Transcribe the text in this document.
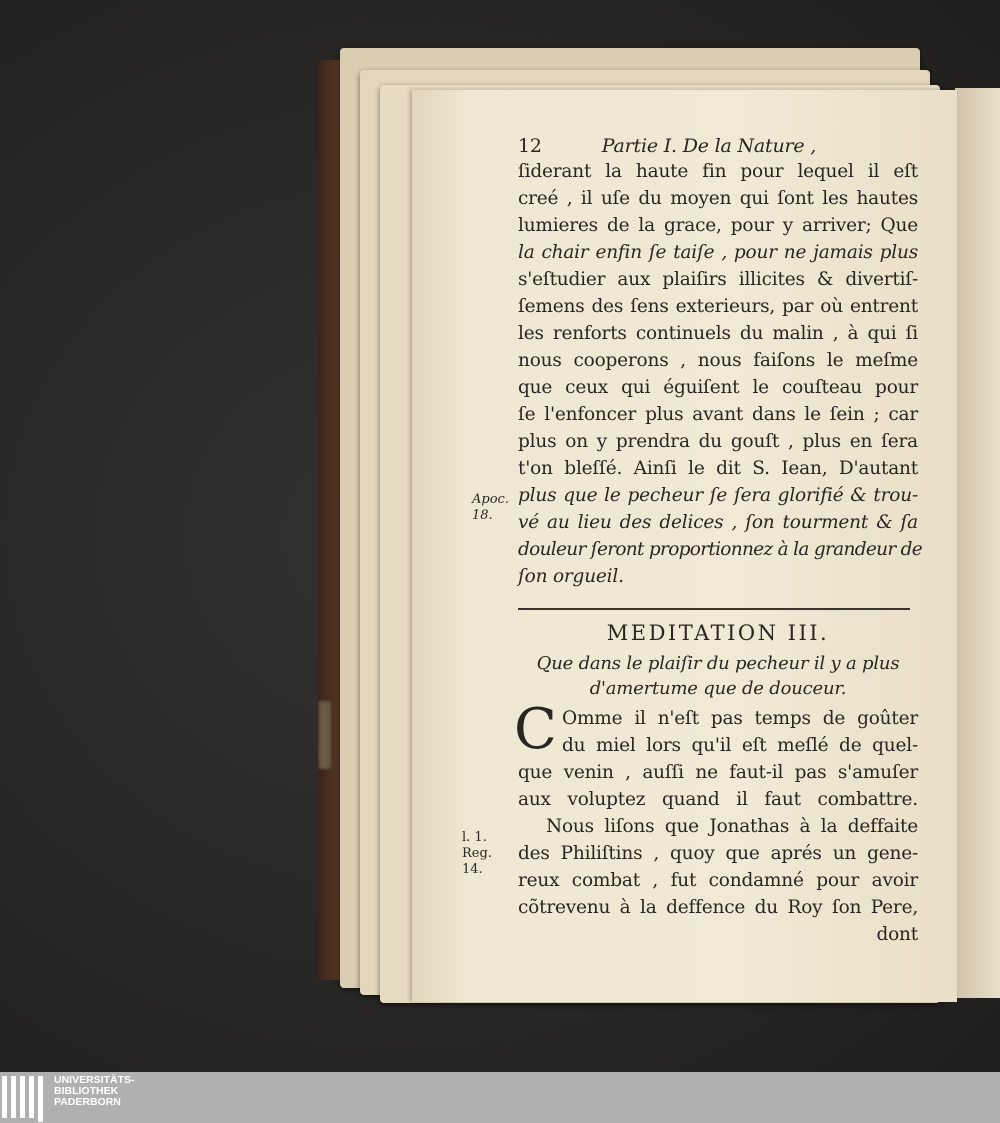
Apoc. 18.
l. 1. Reg. 14.
12	Partie I. De la Nature ,
ſiderant la haute fin pour lequel il eſt
creé , il uſe du moyen qui ſont les hautes
lumieres de la grace, pour y arriver; Que
la chair enfin ſe taiſe , pour ne jamais plus
s'eſtudier aux plaiſirs illicites & divertiſ-
ſemens des ſens exterieurs, par où entrent
les renforts continuels du malin , à qui ſi
nous cooperons , nous faiſons le meſme
que ceux qui éguiſent le couſteau pour
ſe l'enfoncer plus avant dans le ſein ; car
plus on y prendra du gouſt , plus en ſera
t'on bleſſé. Ainſi le dit S. Iean, D'autant
plus que le pecheur ſe ſera glorifié & trou-
vé au lieu des delices , ſon tourment & ſa
douleur ſeront proportionnez à la grandeur de
ſon orgueil.
MEDITATION III.
Que dans le plaiſir du pecheur il y a plus
d'amertume que de douceur.
C Omme il n'eſt pas temps de goûter
du miel lors qu'il eſt meſlé de quel-
que venin , auſſi ne faut-il pas s'amuſer
aux voluptez quand il faut combattre.
Nous liſons que Jonathas à la deffaite
des Philiſtins , quoy que aprés un gene-
reux combat , fut condamné pour avoir
cõtrevenu à la deffence du Roy ſon Pere,
dont
UNIVERSITÄTS-
BIBLIOTHEK
PADERBORN
